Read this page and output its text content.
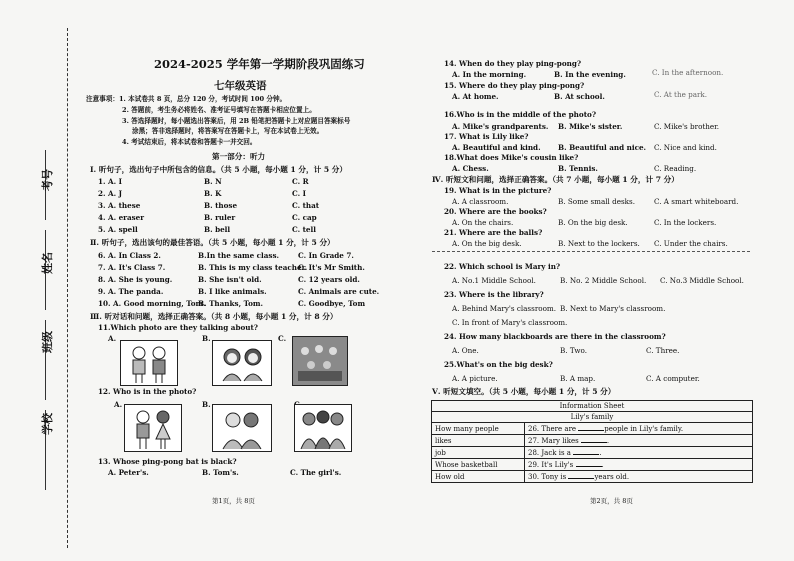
考号
姓名
班级
学校
2024-2025 学年第一学期阶段巩固练习
七年级英语
注意事项：1. 本试卷共 8 页，总分 120 分，考试时间 100 分钟。
2. 答题前，考生务必将姓名、准考证号填写在答题卡相应位置上。
3. 答选择题时，每小题选出答案后，用 2B 铅笔把答题卡上对应题目答案标号
涂黑；答非选择题时，将答案写在答题卡上，写在本试卷上无效。
4. 考试结束后，将本试卷和答题卡一并交回。
第一部分：听力
Ⅰ. 听句子，选出句子中所包含的信息。（共 5 小题，每小题 1 分，计 5 分）
1. A. I	B. N	C. R
2. A. J	B. K	C. I
3. A. these	B. those	C. that
4. A. eraser	B. ruler	C. cap
5. A. spell	B. bell	C. tell
Ⅱ. 听句子，选出该句的最佳答语。（共 5 小题，每小题 1 分，计 5 分）
6. A. In Class 2.	B.In the same class.	C. In Grade 7.
7. A. It's Class 7.	B. This is my class teacher.
C. It's Mr Smith.
8. A. She is young.	B. She isn't old.	C. 12 years old.
9. A. The panda.	B. I like animals.	C. Animals are cute.
10. A. Good morning, Tom.
B. Thanks, Tom.	C. Goodbye, Tom
Ⅲ. 听对话和问题，选择正确答案。（共 8 小题，每小题 1 分，计 8 分）
11.Which photo are they talking about?
A.	B.	C.
12. Who is in the photo?
A.	B.
13. Whose ping-pong bat is black?
A. Peter's.	B. Tom's.	C. The girl's.
第1页，共 8页
14. When do they play ping-pong?
A. In the morning.	B. In the evening.	C. In the afternoon.
15. Where do they play ping-pong?
A. At home.	B. At school.	C. At the park.
16.Who is in the middle of the photo?
A. Mike's grandparents. B. Mike's sister.	C. Mike's brother.
17. What is Lily like?
A. Beautiful and kind. B. Beautiful and nice. C. Nice and kind.
18.What does Mike's cousin like?
A. Chess.	B. Tennis.	C. Reading.
Ⅳ. 听短文和问题，选择正确答案。（共 7 小题，每小题 1 分，计 7 分）
19. What is in the picture?
A. A classroom.	B. Some small desks.	C. A smart whiteboard.
20. Where are the books?
A. On the chairs.	B. On the big desk.	C. In the lockers.
21. Where are the balls?
A. On the big desk.	B. Next to the lockers. C. Under the chairs.
22. Which school is Mary in?
A. No.1 Middle School.	B. No. 2 Middle School. C. No.3 Middle School.
23. Where is the library?
A. Behind Mary's classroom. B. Next to Mary's classroom.
C. In front of Mary's classroom.
24. How many blackboards are there in the classroom?
A. One.	B. Two.	C. Three.
25.What's on the big desk?
A. A picture.	B. A map.	C. A computer.
Ⅴ. 听短文填空。（共 5 小题，每小题 1 分，计 5 分）
Information Sheet	
Lily's family	
How many people	26. There are people in Lily's family.
likes	27. Mary likes .
job	28. Jack is a .
Whose basketball	29. It's Lily's .
How old	30. Tony is years old.
第2页，共 8页
